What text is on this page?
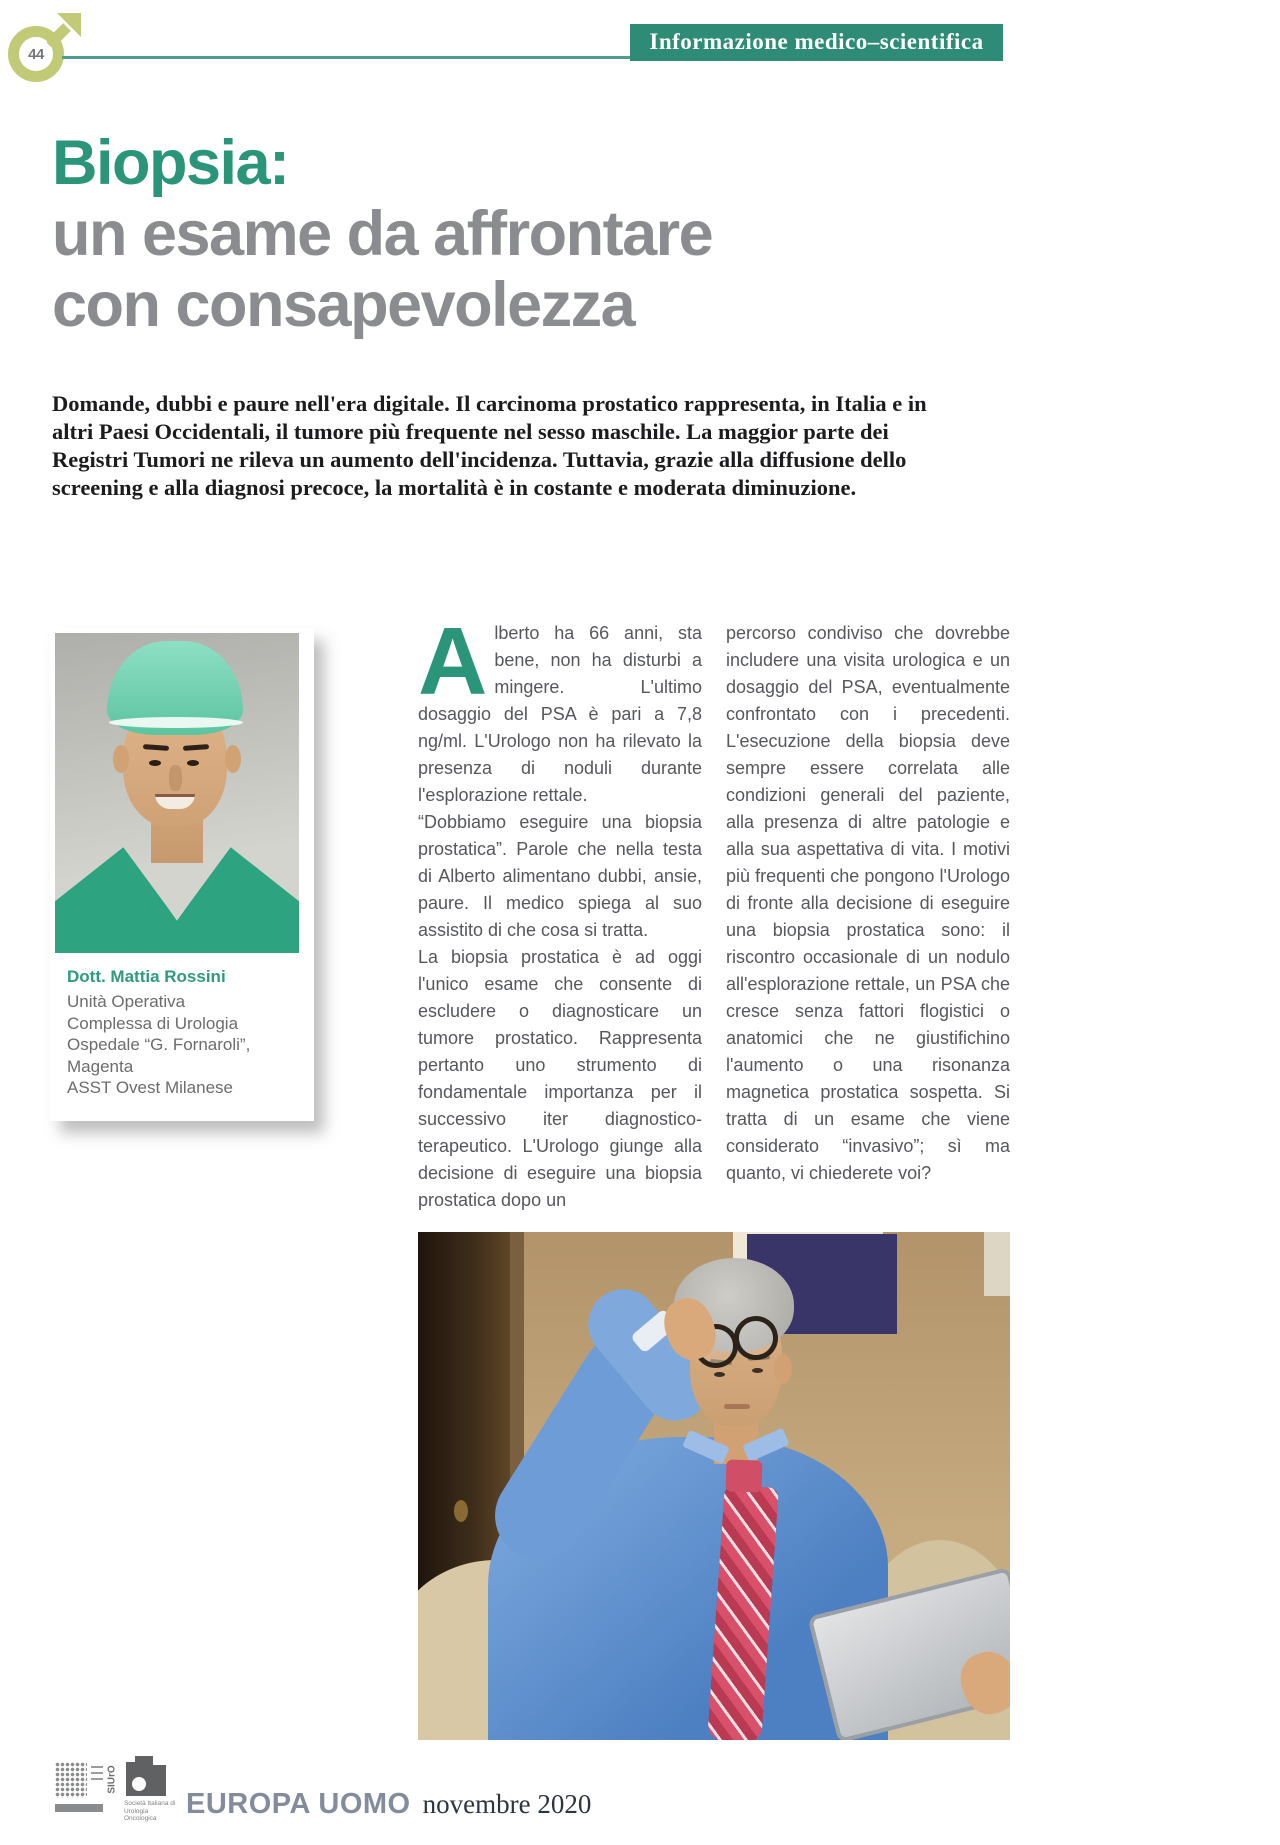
44	Informazione medico–scientifica
Biopsia:
un esame da affrontare
con consapevolezza

Domande, dubbi e paure nell'era digitale. Il carcinoma prostatico rappresenta, in Italia e in altri Paesi Occidentali, il tumore più frequente nel sesso maschile. La maggior parte dei Registri Tumori ne rileva un aumento dell'incidenza. Tuttavia, grazie alla diffusione dello screening e alla diagnosi precoce, la mortalità è in costante e moderata diminuzione.

Dott. Mattia Rossini
Unità Operativa
Complessa di Urologia
Ospedale “G. Fornaroli”,
Magenta
ASST Ovest Milanese

Alberto ha 66 anni, sta bene, non ha disturbi a mingere. L'ultimo dosaggio del PSA è pari a 7,8 ng/ml. L'Urologo non ha rilevato la presenza di noduli durante l'esplorazione rettale.

“Dobbiamo eseguire una biopsia prostatica”. Parole che nella testa di Alberto alimentano dubbi, ansie, paure. Il medico spiega al suo assistito di che cosa si tratta.

La biopsia prostatica è ad oggi l'unico esame che consente di escludere o diagnosticare un tumore prostatico. Rappresenta pertanto uno strumento di fondamentale importanza per il successivo iter diagnostico-terapeutico. L'Urologo giunge alla decisione di eseguire una biopsia prostatica dopo un

percorso condiviso che dovrebbe includere una visita urologica e un dosaggio del PSA, eventualmente confrontato con i precedenti. L'esecuzione della biopsia deve sempre essere correlata alle condizioni generali del paziente, alla presenza di altre patologie e alla sua aspettativa di vita. I motivi più frequenti che pongono l'Urologo di fronte alla decisione di eseguire una biopsia prostatica sono: il riscontro occasionale di un nodulo all'esplorazione rettale, un PSA che cresce senza fattori flogistici o anatomici che ne giustifichino l'aumento o una risonanza magnetica prostatica sospetta. Si tratta di un esame che viene considerato “invasivo”; sì ma quanto, vi chiederete voi?

SIUrO
Società Italiana di Urologia Oncologica	EUROPA UOMO novembre 2020
